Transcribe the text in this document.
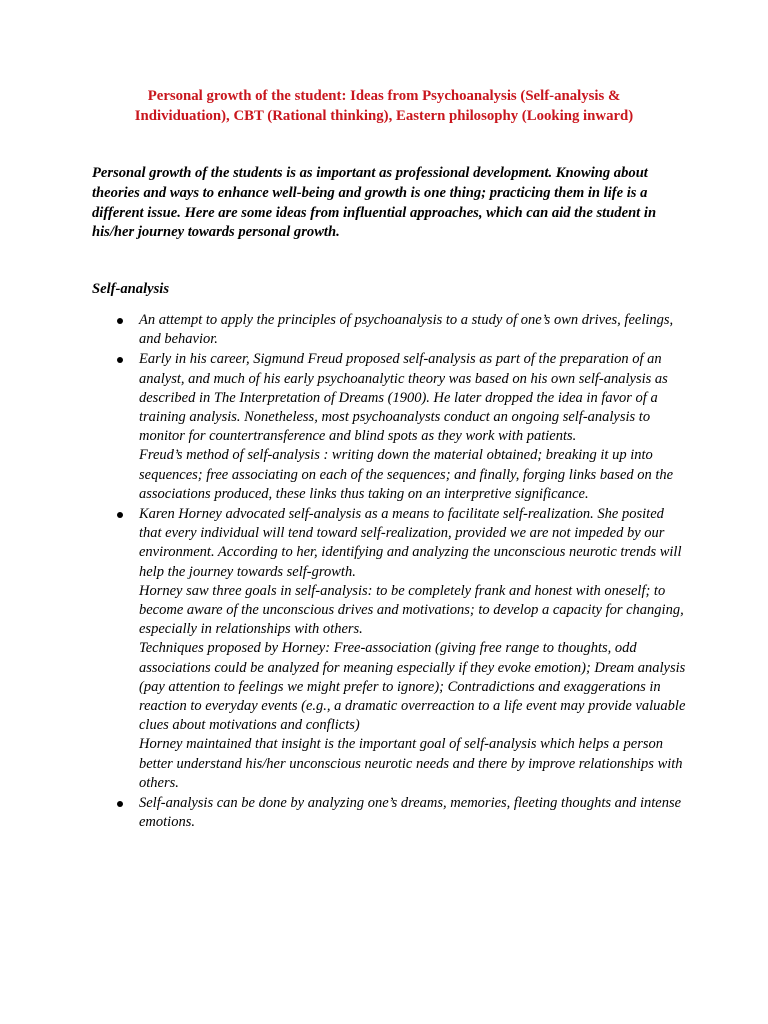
Personal growth of the student: Ideas from Psychoanalysis (Self-analysis & Individuation), CBT (Rational thinking), Eastern philosophy (Looking inward)
Personal growth of the students is as important as professional development. Knowing about theories and ways to enhance well-being and growth is one thing; practicing them in life is a different issue. Here are some ideas from influential approaches, which can aid the student in his/her journey towards personal growth.
Self-analysis
An attempt to apply the principles of psychoanalysis to a study of one’s own drives, feelings, and behavior.
Early in his career, Sigmund Freud proposed self-analysis as part of the preparation of an analyst, and much of his early psychoanalytic theory was based on his own self-analysis as described in The Interpretation of Dreams (1900). He later dropped the idea in favor of a training analysis. Nonetheless, most psychoanalysts conduct an ongoing self-analysis to monitor for countertransference and blind spots as they work with patients.
Freud’s method of self-analysis : writing down the material obtained; breaking it up into sequences; free associating on each of the sequences; and finally, forging links based on the associations produced, these links thus taking on an interpretive significance.
Karen Horney advocated self-analysis as a means to facilitate self-realization. She posited that every individual will tend toward self-realization, provided we are not impeded by our environment. According to her, identifying and analyzing the unconscious neurotic trends will help the journey towards self-growth.
Horney saw three goals in self-analysis: to be completely frank and honest with oneself; to become aware of the unconscious drives and motivations; to develop a capacity for changing, especially in relationships with others.
Techniques proposed by Horney: Free-association (giving free range to thoughts, odd associations could be analyzed for meaning especially if they evoke emotion); Dream analysis (pay attention to feelings we might prefer to ignore); Contradictions and exaggerations in reaction to everyday events (e.g., a dramatic overreaction to a life event may provide valuable clues about motivations and conflicts)
Horney maintained that insight is the important goal of self-analysis which helps a person better understand his/her unconscious neurotic needs and there by improve relationships with others.
Self-analysis can be done by analyzing one’s dreams, memories, fleeting thoughts and intense emotions.
